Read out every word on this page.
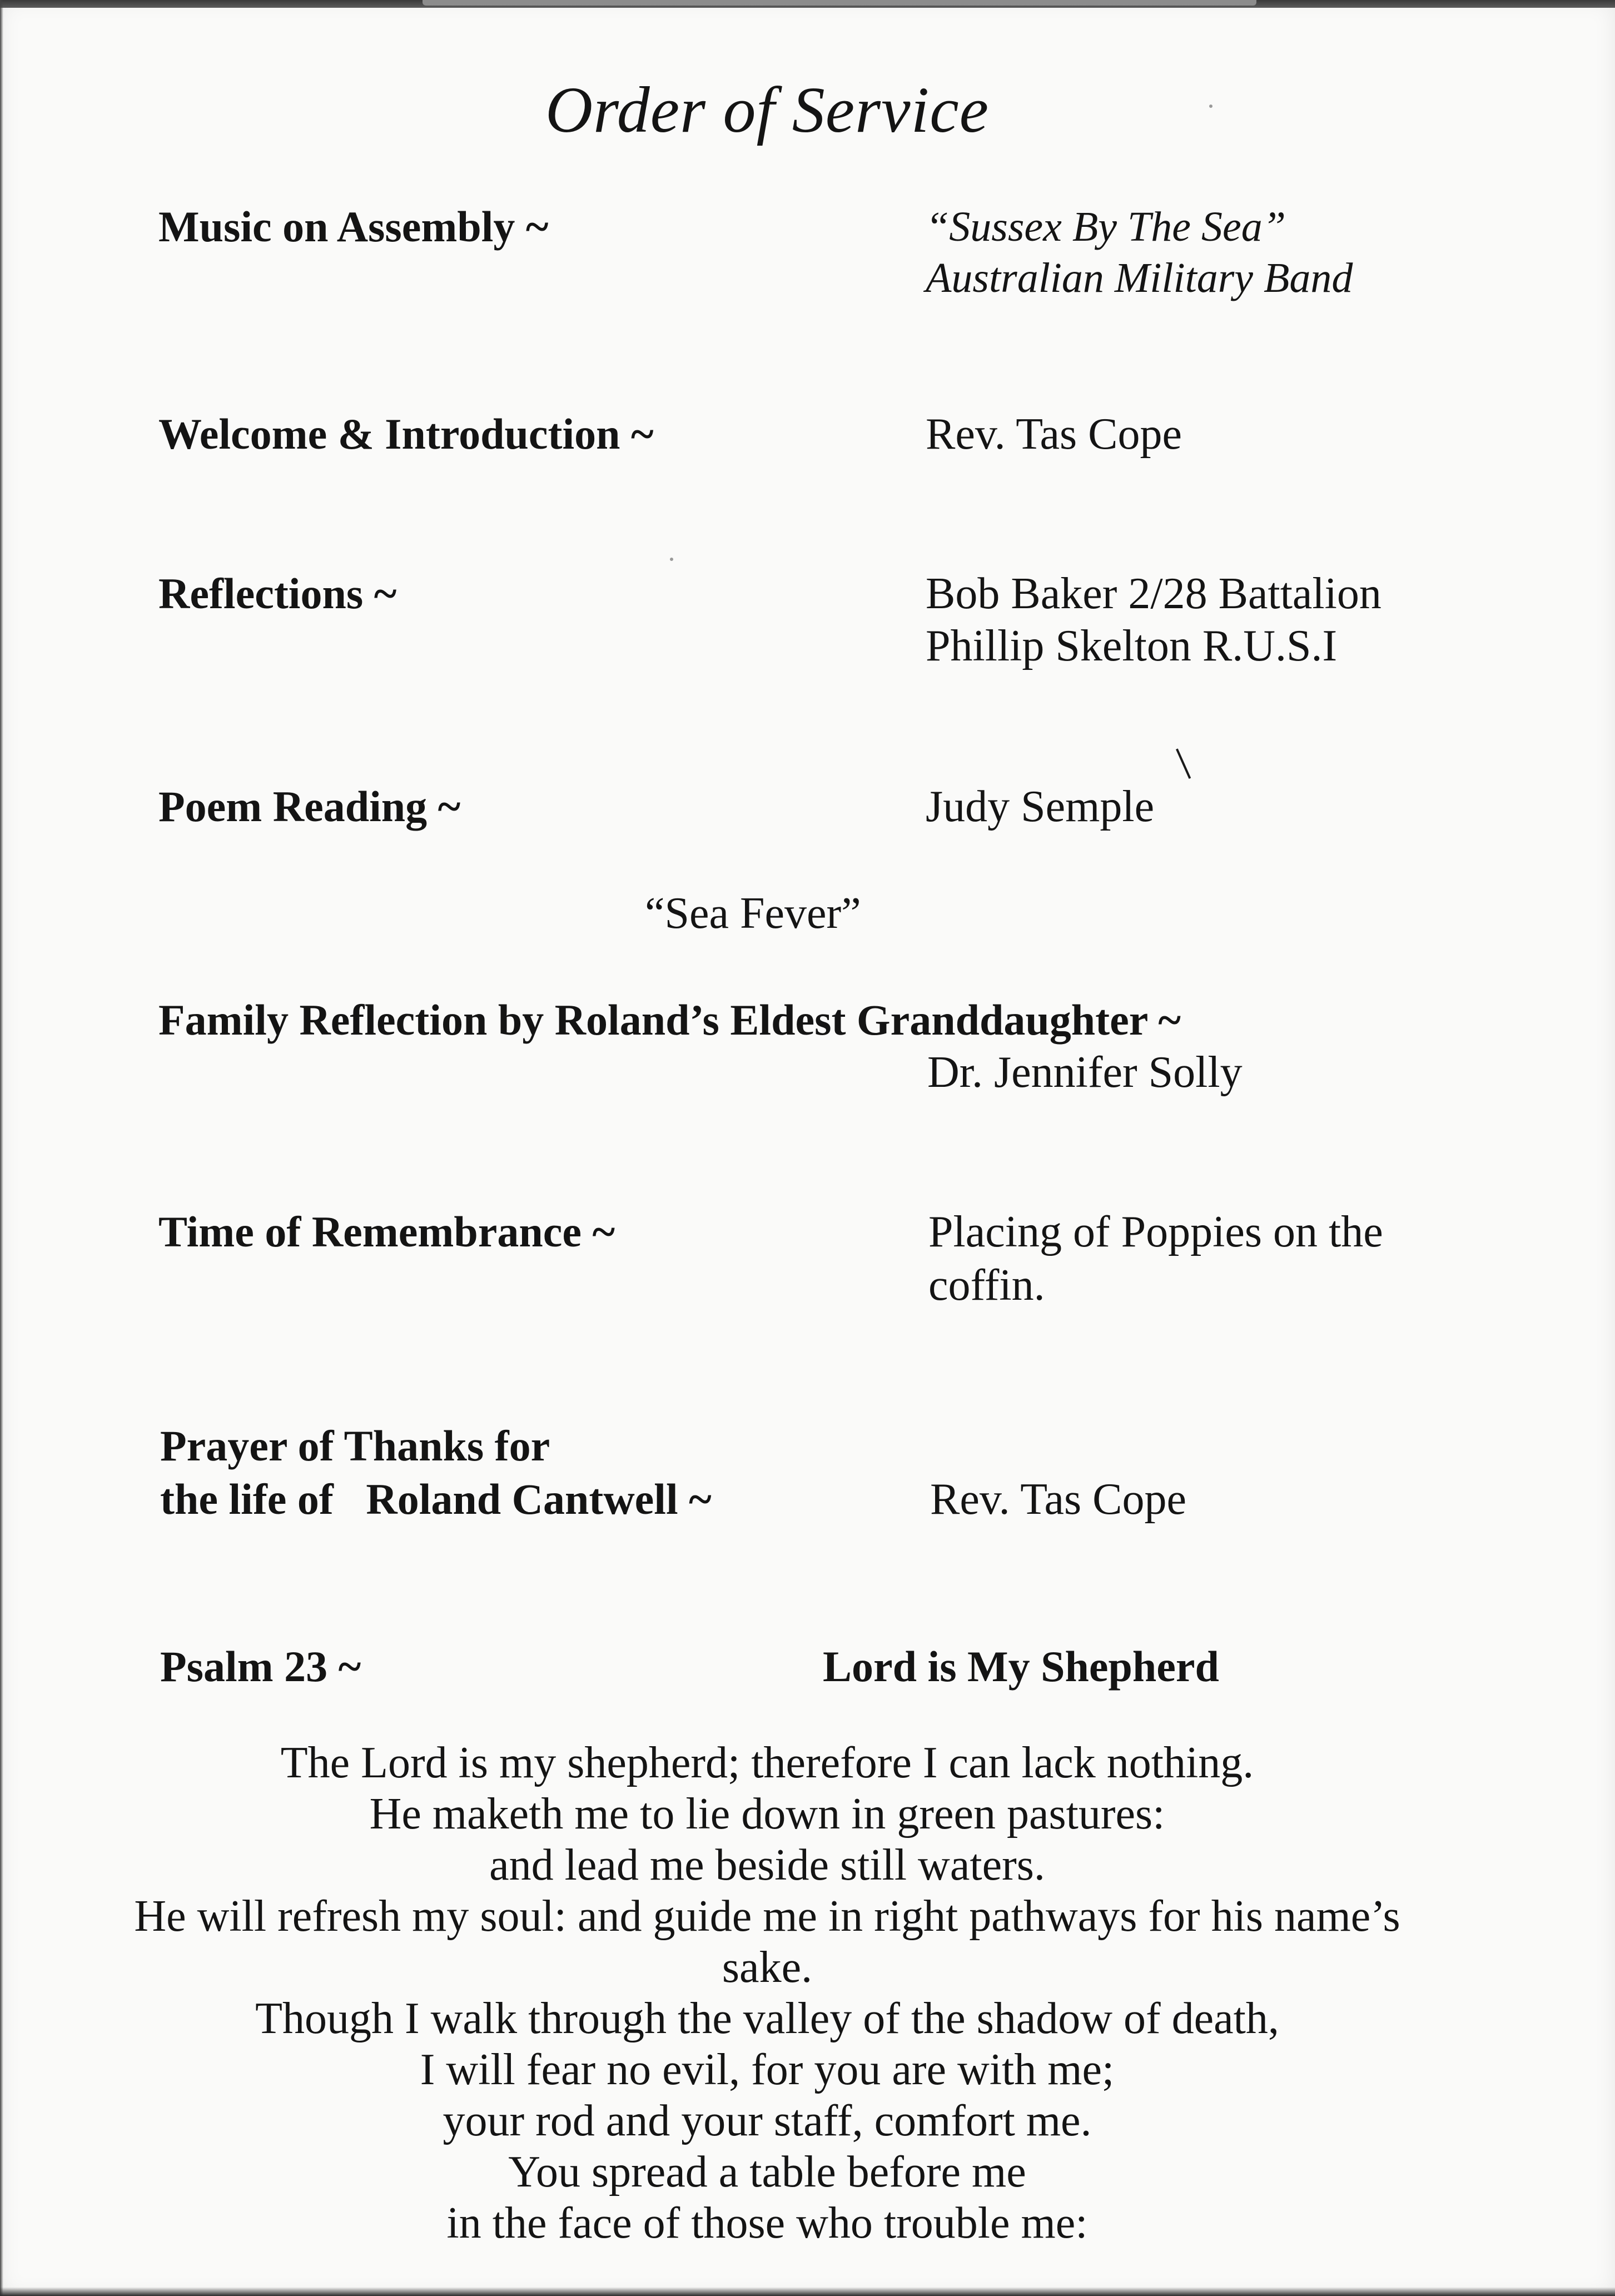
Order of Service
Music on Assembly ~	“Sussex By The Sea”
Australian Military Band
Welcome & Introduction ~	Rev. Tas Cope
Reflections ~	Bob Baker 2/28 Battalion
Phillip Skelton R.U.S.I
Poem Reading ~	Judy Semple
“Sea Fever”
Family Reflection by Roland’s Eldest Granddaughter ~
Dr. Jennifer Solly
Time of Remembrance ~	Placing of Poppies on the
coffin.
Prayer of Thanks for
the life of   Roland Cantwell ~	Rev. Tas Cope
Psalm 23 ~	Lord is My Shepherd
The Lord is my shepherd; therefore I can lack nothing.
He maketh me to lie down in green pastures:
and lead me beside still waters.
He will refresh my soul: and guide me in right pathways for his name’s
sake.
Though I walk through the valley of the shadow of death,
I will fear no evil, for you are with me;
your rod and your staff, comfort me.
You spread a table before me
in the face of those who trouble me:
